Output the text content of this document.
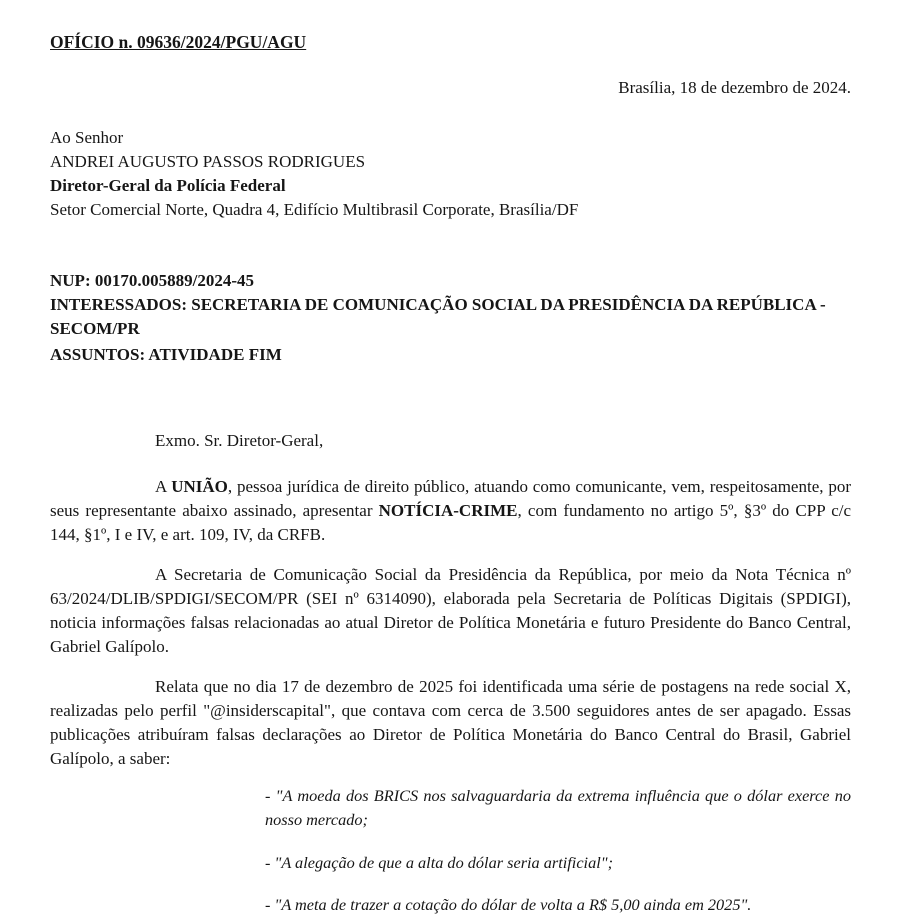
OFÍCIO n. 09636/2024/PGU/AGU
Brasília, 18 de dezembro de 2024.
Ao Senhor
ANDREI AUGUSTO PASSOS RODRIGUES
Diretor-Geral da Polícia Federal
Setor Comercial Norte, Quadra 4, Edifício Multibrasil Corporate, Brasília/DF
NUP: 00170.005889/2024-45
INTERESSADOS: SECRETARIA DE COMUNICAÇÃO SOCIAL DA PRESIDÊNCIA DA REPÚBLICA -
SECOM/PR
ASSUNTOS: ATIVIDADE FIM
Exmo. Sr. Diretor-Geral,

A UNIÃO, pessoa jurídica de direito público, atuando como comunicante, vem, respeitosamente, por seus representante abaixo assinado, apresentar NOTÍCIA-CRIME, com fundamento no artigo 5º, §3º do CPP c/c 144, §1º, I e IV, e art. 109, IV, da CRFB.

A Secretaria de Comunicação Social da Presidência da República, por meio da Nota Técnica nº 63/2024/DLIB/SPDIGI/SECOM/PR (SEI nº 6314090), elaborada pela Secretaria de Políticas Digitais (SPDIGI), noticia informações falsas relacionadas ao atual Diretor de Política Monetária e futuro Presidente do Banco Central, Gabriel Galípolo.

Relata que no dia 17 de dezembro de 2025 foi identificada uma série de postagens na rede social X, realizadas pelo perfil "@insiderscapital", que contava com cerca de 3.500 seguidores antes de ser apagado. Essas publicações atribuíram falsas declarações ao Diretor de Política Monetária do Banco Central do Brasil, Gabriel Galípolo, a saber:

- "A moeda dos BRICS nos salvaguardaria da extrema influência que o dólar exerce no nosso mercado;

- "A alegação de que a alta do dólar seria artificial";

- "A meta de trazer a cotação do dólar de volta a R$ 5,00 ainda em 2025".
